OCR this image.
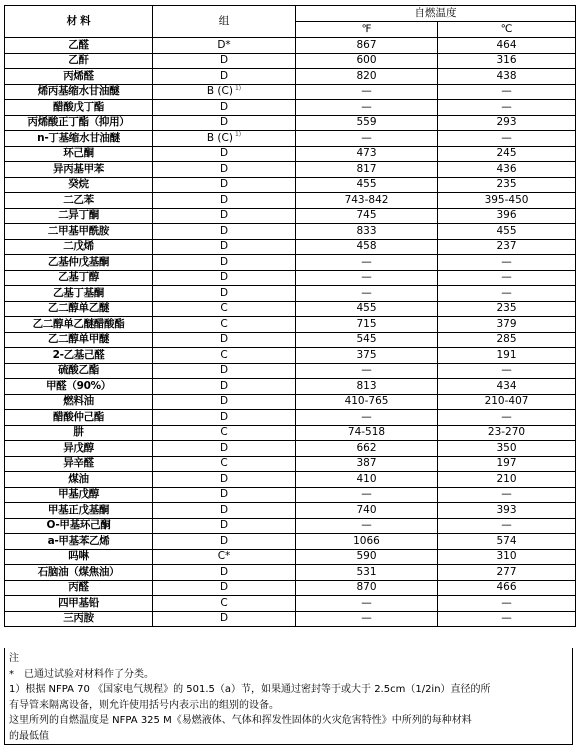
材 料	组	自燃温度	
		℉	℃
乙醛	D*	867	464
乙酐	D	600	316
丙烯醛	D	820	438
烯丙基缩水甘油醚	B (C) $^{1)}$	—	—
醋酸戊丁酯	D	—	—
丙烯酸正丁酯（抑用）	D	559	293
n-丁基缩水甘油醚	B (C) $^{1)}$	—	—
环己酮	D	473	245
异丙基甲苯	D	817	436
癸烷	D	455	235
二乙苯	D	743-842	395-450
二异丁酮	D	745	396
二甲基甲酰胺	D	833	455
二戊烯	D	458	237
乙基仲戊基酮	D	—	—
乙基丁醇	D	—	—
乙基丁基酮	D	—	—
乙二醇单乙醚	C	455	235
乙二醇单乙醚醋酸酯	C	715	379
乙二醇单甲醚	D	545	285
2-乙基己醛	C	375	191
硫酸乙酯	D	—	—
甲醛（90%）	D	813	434
燃料油	D	410-765	210-407
醋酸仲己酯	D	—	—
肼	C	74-518	23-270
异戊醇	D	662	350
异辛醛	C	387	197
煤油	D	410	210
甲基戊醇	D	—	—
甲基正戊基酮	D	740	393
O-甲基环己酮	D	—	—
a-甲基苯乙烯	D	1066	574
吗啉	C*	590	310
石脑油（煤焦油）	D	531	277
丙醛	D	870	466
四甲基铅	C	—	—
三丙胺	D	—	—
注
*　已通过试验对材料作了分类。
1）根据 NFPA 70 《国家电气规程》的 501.5（a）节，如果通过密封等于或大于 2.5cm（1/2in）直径的所
有导管来隔离设备，则允许使用括号内表示出的组别的设备。
这里所列的自燃温度是 NFPA 325 M《易燃液体、气体和挥发性固体的火灾危害特性》中所列的每种材料
的最低值
